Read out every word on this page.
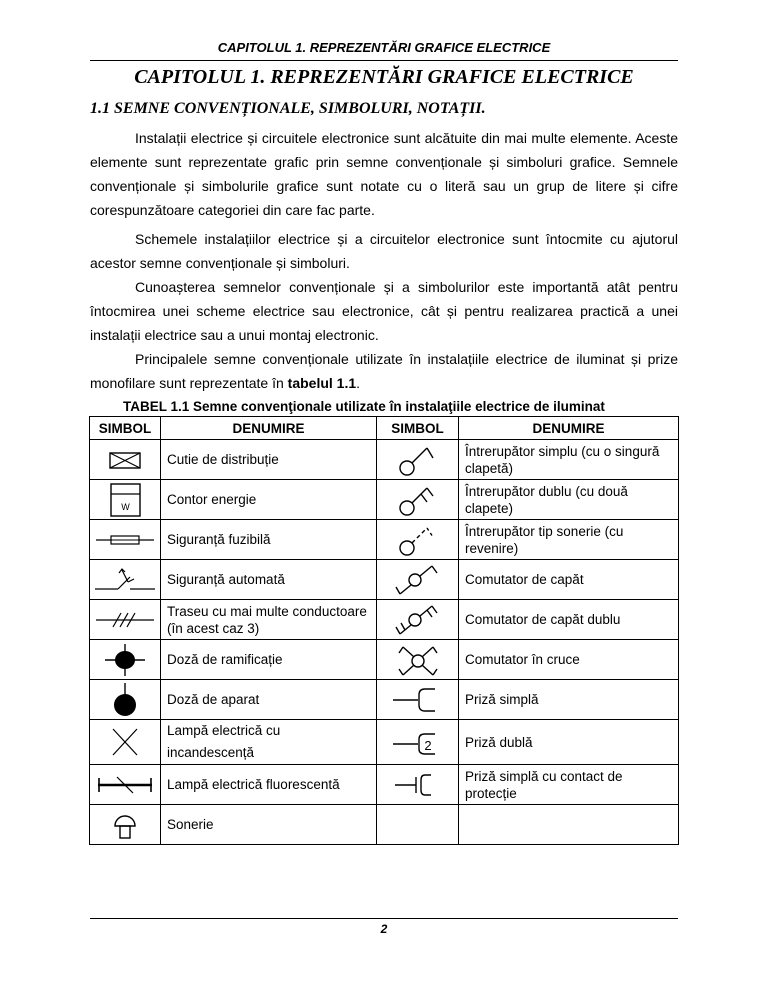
CAPITOLUL 1. REPREZENTĂRI GRAFICE ELECTRICE
CAPITOLUL 1. REPREZENTĂRI GRAFICE ELECTRICE
1.1 SEMNE CONVENȚIONALE, SIMBOLURI, NOTAȚII.

Instalații electrice și circuitele electronice sunt alcătuite din mai multe elemente. Aceste elemente sunt reprezentate grafic prin semne convenționale și simboluri grafice. Semnele convenționale și simbolurile grafice sunt notate cu o literă sau un grup de litere și cifre corespunzătoare categoriei din care fac parte.

Schemele instalațiilor electrice și a circuitelor electronice sunt întocmite cu ajutorul acestor semne convenționale și simboluri.

Cunoașterea semnelor convenționale și a simbolurilor este importantă atât pentru întocmirea unei scheme electrice sau electronice, cât și pentru realizarea practică a unei instalații electrice sau a unui montaj electronic.

Principalele semne convenționale utilizate în instalațiile electrice de iluminat și prize monofilare sunt reprezentate în tabelul 1.1.

TABEL 1.1 Semne convenţionale utilizate în instalaţiile electrice de iluminat
SIMBOL	DENUMIRE	SIMBOL	DENUMIRE

	Cutie de distribuție		Întrerupător simplu (cu o singură clapetă)

W	Contor energie		Întrerupător dublu (cu două clapete)

	Siguranță fuzibilă		Întrerupător tip sonerie (cu revenire)

	Siguranță automată		Comutator de capăt

	Traseu cu mai multe conductoare (în acest caz 3)		Comutator de capăt dublu

	Doză de ramificație		Comutator în cruce

	Doză de aparat		Priză simplă

	Lampă electrică cu incandescență	2	Priză dublă

	Lampă electrică fluorescentă		Priză simplă cu contact de protecție

	Sonerie		
2
